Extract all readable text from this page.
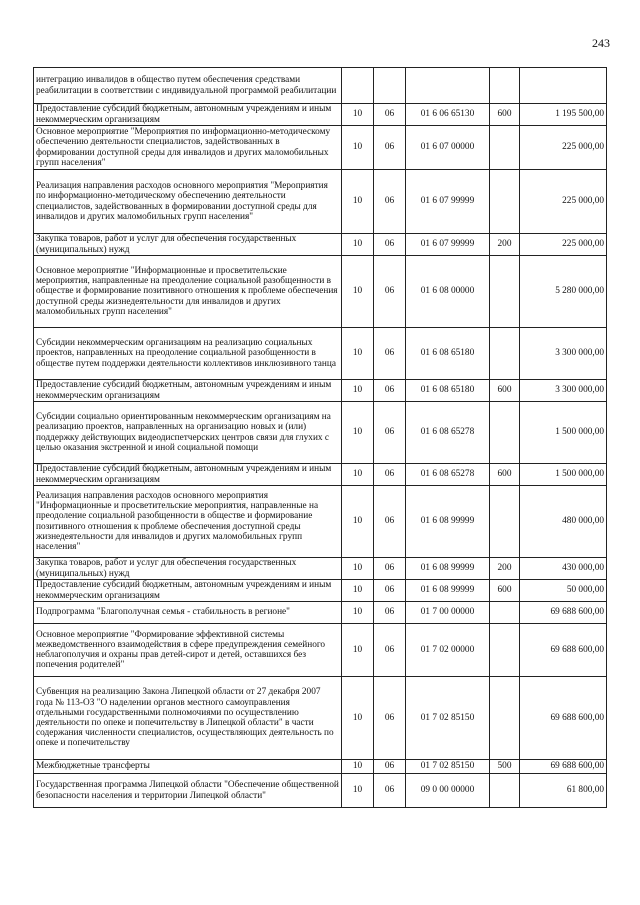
243
интеграцию инвалидов в общество путем обеспечения средствами реабилитации в соответствии с индивидуальной программой реабилитации					
Предоставление субсидий бюджетным, автономным учреждениям и иным некоммерческим организациям	10	06	01 6 06 65130	600	1 195 500,00
Основное мероприятие "Мероприятия по информационно-методическому обеспечению деятельности специалистов, задействованных в формировании доступной среды для инвалидов и других маломобильных групп населения"	10	06	01 6 07 00000		225 000,00
Реализация направления расходов основного мероприятия "Мероприятия по информационно-методическому обеспечению деятельности специалистов, задействованных в формировании доступной среды для инвалидов и других маломобильных групп населения"	10	06	01 6 07 99999		225 000,00
Закупка товаров, работ и услуг для обеспечения государственных (муниципальных) нужд	10	06	01 6 07 99999	200	225 000,00
Основное мероприятие "Информационные и просветительские мероприятия, направленные на преодоление социальной разобщенности в обществе и формирование позитивного отношения к проблеме обеспечения доступной среды жизнедеятельности для инвалидов и других маломобильных групп населения"	10	06	01 6 08 00000		5 280 000,00
Субсидии некоммерческим организациям на реализацию социальных проектов, направленных на преодоление социальной разобщенности в обществе путем поддержки деятельности коллективов инклюзивного танца	10	06	01 6 08 65180		3 300 000,00
Предоставление субсидий бюджетным, автономным учреждениям и иным некоммерческим организациям	10	06	01 6 08 65180	600	3 300 000,00
Субсидии социально ориентированным некоммерческим организациям на реализацию проектов, направленных на организацию новых и (или) поддержку действующих видеодиспетчерских центров связи для глухих с целью оказания экстренной и иной социальной помощи	10	06	01 6 08 65278		1 500 000,00
Предоставление субсидий бюджетным, автономным учреждениям и иным некоммерческим организациям	10	06	01 6 08 65278	600	1 500 000,00
Реализация направления расходов основного мероприятия "Информационные и просветительские мероприятия, направленные на преодоление социальной разобщенности в обществе и формирование позитивного отношения к проблеме обеспечения доступной среды жизнедеятельности для инвалидов и других маломобильных групп населения"	10	06	01 6 08 99999		480 000,00
Закупка товаров, работ и услуг для обеспечения государственных (муниципальных) нужд	10	06	01 6 08 99999	200	430 000,00
Предоставление субсидий бюджетным, автономным учреждениям и иным некоммерческим организациям	10	06	01 6 08 99999	600	50 000,00
Подпрограмма "Благополучная семья - стабильность в регионе"	10	06	01 7 00 00000		69 688 600,00
Основное мероприятие "Формирование эффективной системы межведомственного взаимодействия в сфере предупреждения семейного неблагополучия и охраны прав детей-сирот и детей, оставшихся без попечения родителей"	10	06	01 7 02 00000		69 688 600,00
Субвенция на реализацию Закона Липецкой области от 27 декабря 2007 года № 113-ОЗ "О наделении органов местного самоуправления отдельными государственными полномочиями по осуществлению деятельности по опеке и попечительству в Липецкой области" в части содержания численности специалистов, осуществляющих деятельность по опеке и попечительству	10	06	01 7 02 85150		69 688 600,00
Межбюджетные трансферты	10	06	01 7 02 85150	500	69 688 600,00
Государственная программа Липецкой области "Обеспечение общественной безопасности населения и территории Липецкой области"	10	06	09 0 00 00000		61 800,00
